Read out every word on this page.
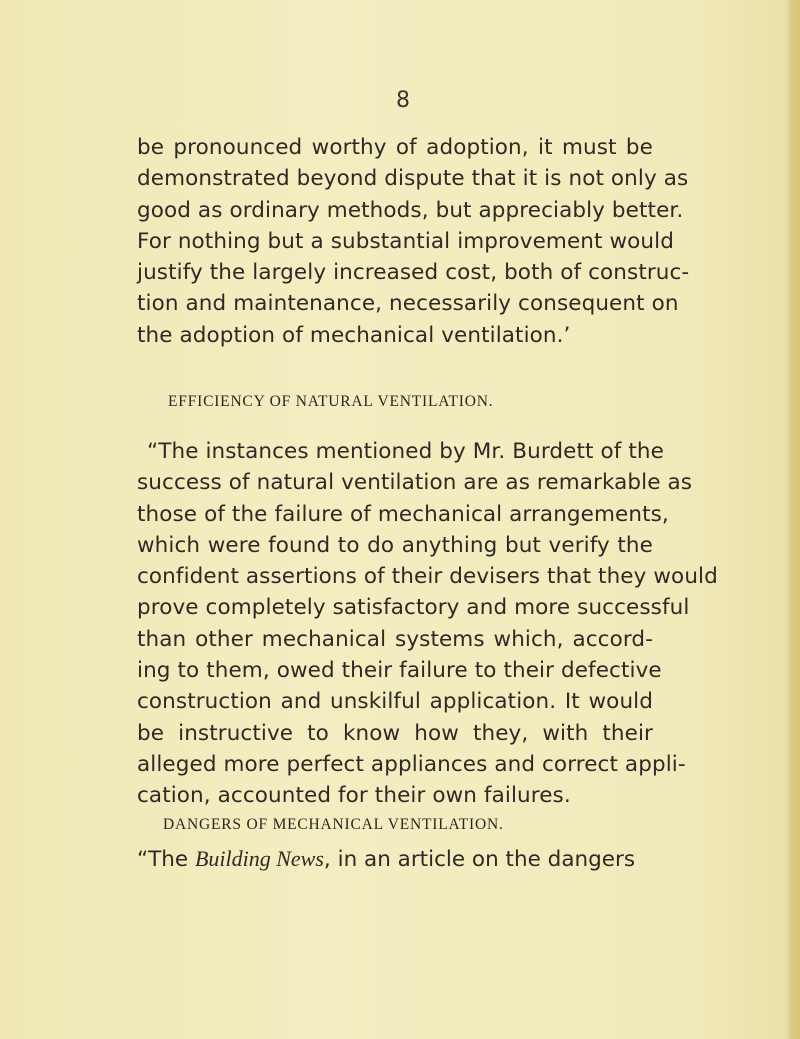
8
be pronounced worthy of adoption, it must be
demonstrated beyond dispute that it is not only as
good as ordinary methods, but appreciably better.
For nothing but a substantial improvement would
justify the largely increased cost, both of construc-
tion and maintenance, necessarily consequent on
the adoption of mechanical ventilation.’
EFFICIENCY OF NATURAL VENTILATION.
“The instances mentioned by Mr. Burdett of the
success of natural ventilation are as remarkable as
those of the failure of mechanical arrangements,
which were found to do anything but verify the
confident assertions of their devisers that they would
prove completely satisfactory and more successful
than other mechanical systems which, accord-
ing to them, owed their failure to their defective
construction and unskilful application. It would
be instructive to know how they, with their
alleged more perfect appliances and correct appli-
cation, accounted for their own failures.
DANGERS OF MECHANICAL VENTILATION.
“The Building News, in an article on the dangers
